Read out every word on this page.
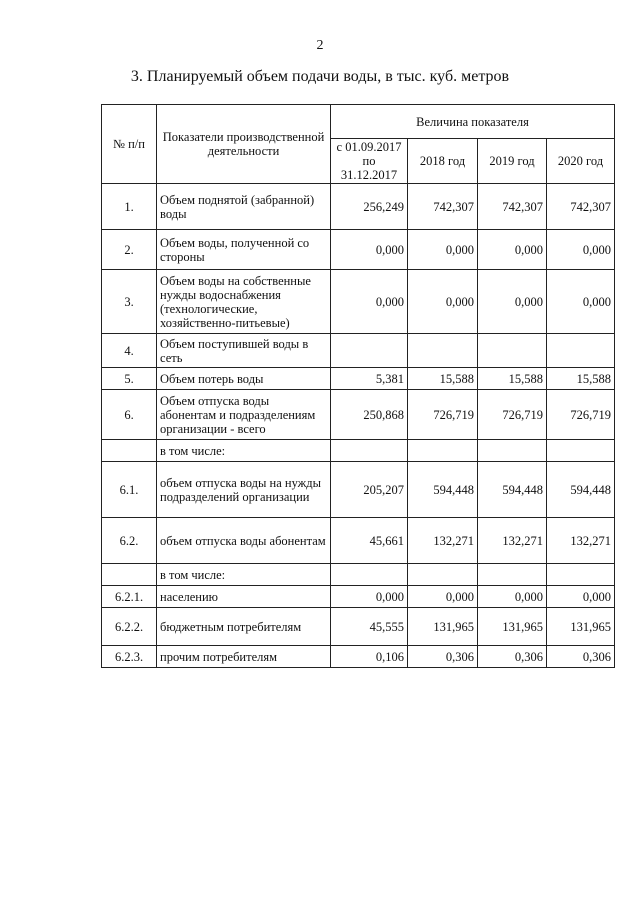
2
3. Планируемый объем подачи воды, в тыс. куб. метров
№ п/п	Показатели производственной деятельности	Величина показателя			
		с 01.09.2017 по 31.12.2017	2018 год	2019 год	2020 год
1.	Объем поднятой (забранной) воды	256,249	742,307	742,307	742,307
2.	Объем воды, полученной со стороны	0,000	0,000	0,000	0,000
3.	Объем воды на собственные нужды водоснабжения (технологические, хозяйственно-питьевые)	0,000	0,000	0,000	0,000
4.	Объем поступившей воды в сеть				
5.	Объем потерь воды	5,381	15,588	15,588	15,588
6.	Объем отпуска воды абонентам и подразделениям организации - всего	250,868	726,719	726,719	726,719
	в том числе:				
6.1.	объем отпуска воды на нужды подразделений организации	205,207	594,448	594,448	594,448
6.2.	объем отпуска воды абонентам	45,661	132,271	132,271	132,271
	в том числе:				
6.2.1.	населению	0,000	0,000	0,000	0,000
6.2.2.	бюджетным потребителям	45,555	131,965	131,965	131,965
6.2.3.	прочим потребителям	0,106	0,306	0,306	0,306
